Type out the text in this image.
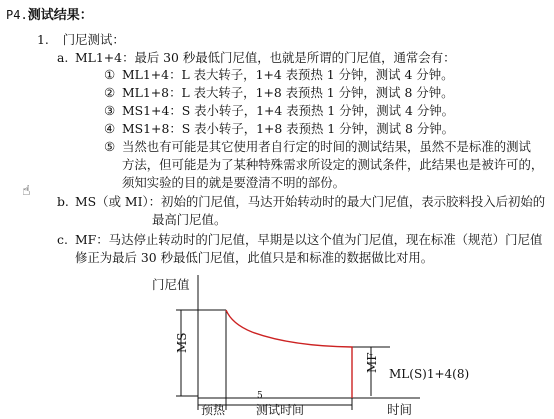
P4.测试结果：
1. 门尼测试：
a. ML1+4：最后 30 秒最低门尼值，也就是所谓的门尼值，通常会有：
① ML1+4：L 表大转子，1+4 表预热 1 分钟，测试 4 分钟。
② ML1+8：L 表大转子，1+8 表预热 1 分钟，测试 8 分钟。
③ MS1+4：S 表小转子，1+4 表预热 1 分钟，测试 4 分钟。
④ MS1+8：S 表小转子，1+8 表预热 1 分钟，测试 8 分钟。
⑤ 当然也有可能是其它使用者自行定的时间的测试结果，虽然不是标准的测试
方法，但可能是为了某种特殊需求所设定的测试条件，此结果也是被许可的，
须知实验的目的就是要澄清不明的部份。
☝
b. MS（或 MI）：初始的门尼值，马达开始转动时的最大门尼值，表示胶料投入后初始的
最高门尼值。
c. MF：马达停止转动时的门尼值，早期是以这个值为门尼值，现在标准（规范）门尼值
修正为最后 30 秒最低门尼值，此值只是和标准的数据做比对用。
门尼值
MS
MF
ML(S)1+4(8)
5
预热	测试时间	时间
